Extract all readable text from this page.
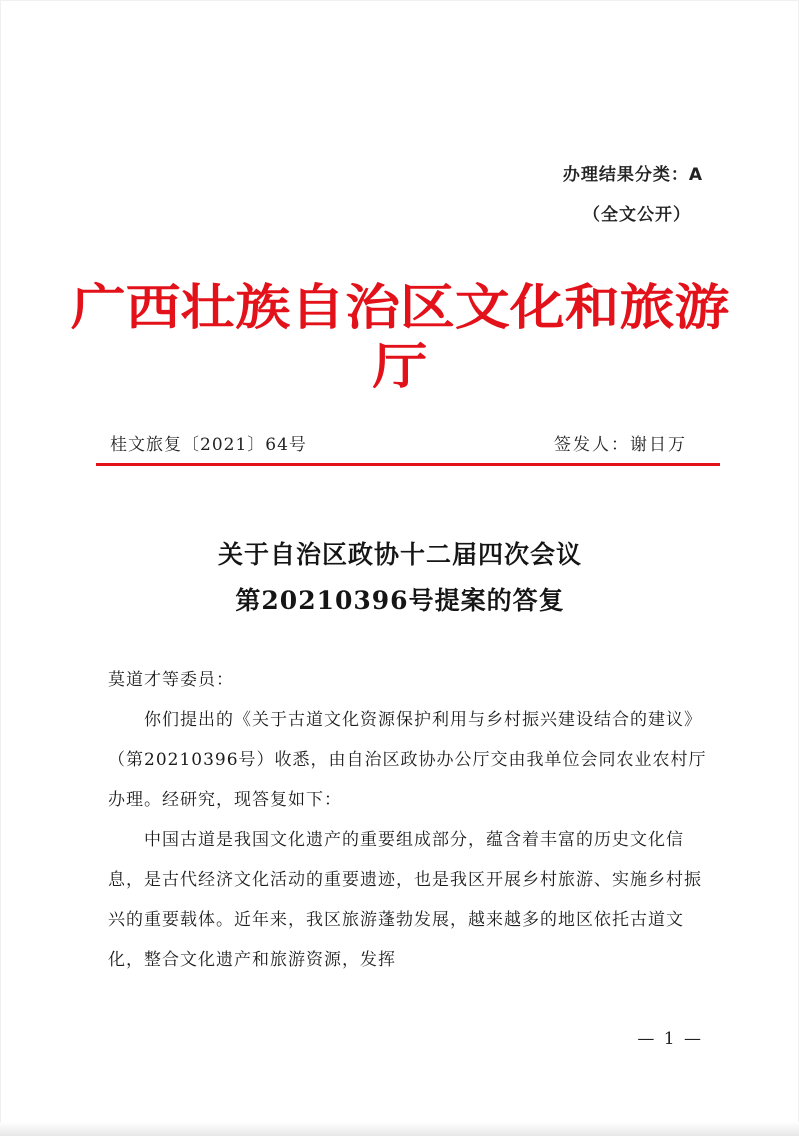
办理结果分类：A
（全文公开）
广西壮族自治区文化和旅游厅
桂文旅复〔2021〕64号	签发人：谢日万
关于自治区政协十二届四次会议
第20210396号提案的答复

莫道才等委员：

你们提出的《关于古道文化资源保护利用与乡村振兴建设结合的建议》（第20210396号）收悉，由自治区政协办公厅交由我单位会同农业农村厅办理。经研究，现答复如下：

中国古道是我国文化遗产的重要组成部分，蕴含着丰富的历史文化信息，是古代经济文化活动的重要遗迹，也是我区开展乡村旅游、实施乡村振兴的重要载体。近年来，我区旅游蓬勃发展，越来越多的地区依托古道文化，整合文化遗产和旅游资源，发挥

— 1 —
